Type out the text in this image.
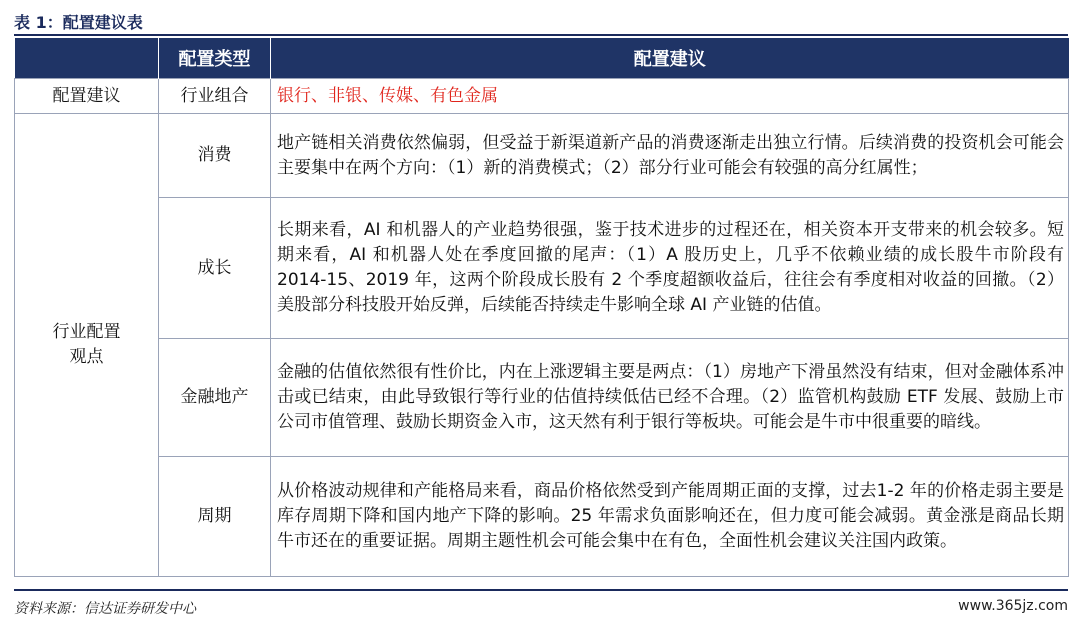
表 1：配置建议表
	配置类型	配置建议
配置建议	行业组合	银行、非银、传媒、有色金属

行业配置观点	消费	地产链相关消费依然偏弱，但受益于新渠道新产品的消费逐渐走出独立行情。后续消费的投资机会可能会主要集中在两个方向：（1）新的消费模式；（2）部分行业可能会有较强的高分红属性；
	成长	长期来看，AI 和机器人的产业趋势很强，鉴于技术进步的过程还在，相关资本开支带来的机会较多。短期来看，AI 和机器人处在季度回撤的尾声：（1）A 股历史上，几乎不依赖业绩的成长股牛市阶段有 2014-15、2019 年，这两个阶段成长股有 2 个季度超额收益后，往往会有季度相对收益的回撤。（2）美股部分科技股开始反弹，后续能否持续走牛影响全球 AI 产业链的估值。
	金融地产	金融的估值依然很有性价比，内在上涨逻辑主要是两点：（1）房地产下滑虽然没有结束，但对金融体系冲击或已结束，由此导致银行等行业的估值持续低估已经不合理。（2）监管机构鼓励 ETF 发展、鼓励上市公司市值管理、鼓励长期资金入市，这天然有利于银行等板块。可能会是牛市中很重要的暗线。
	周期	从价格波动规律和产能格局来看，商品价格依然受到产能周期正面的支撑，过去1-2 年的价格走弱主要是库存周期下降和国内地产下降的影响。25 年需求负面影响还在，但力度可能会减弱。黄金涨是商品长期牛市还在的重要证据。周期主题性机会可能会集中在有色，全面性机会建议关注国内政策。
资料来源：信达证券研发中心	www.365jz.com
